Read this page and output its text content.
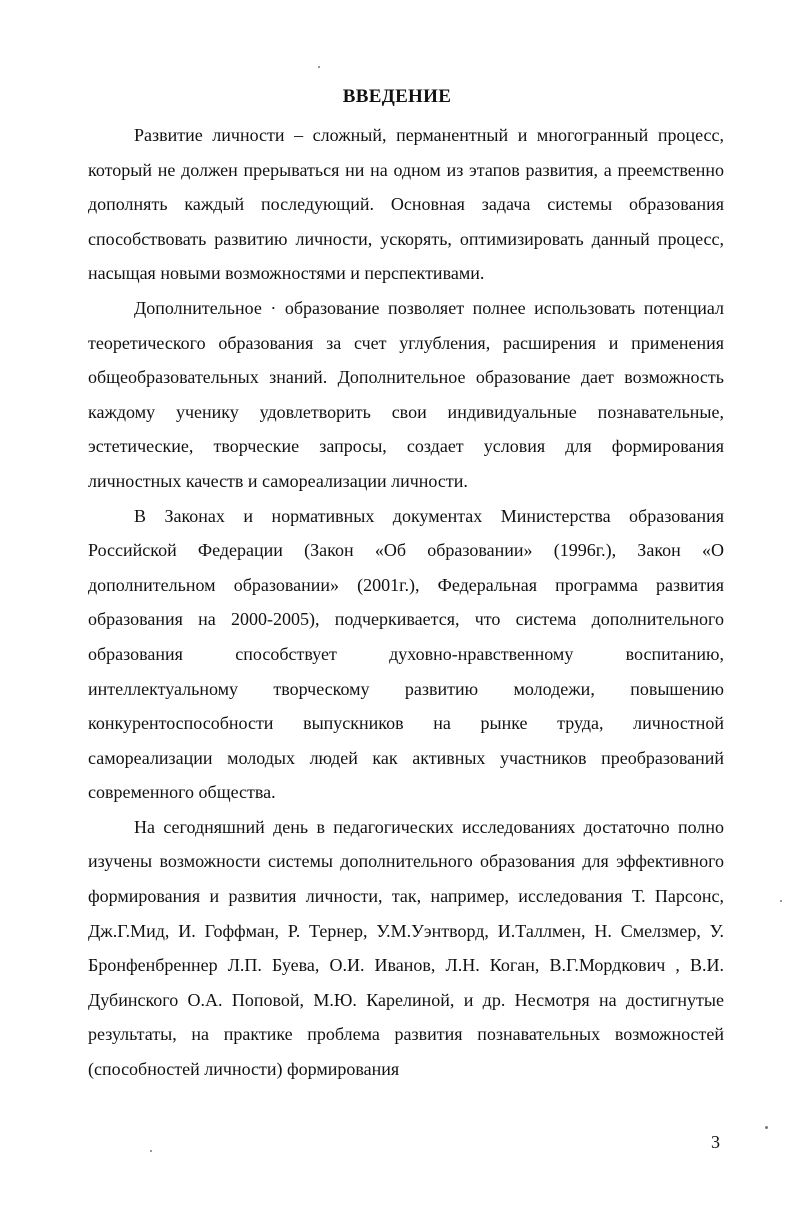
ВВЕДЕНИЕ

Развитие личности – сложный, перманентный и многогранный процесс, который не должен прерываться ни на одном из этапов развития, а преемственно дополнять каждый последующий. Основная задача системы образования способствовать развитию личности, ускорять, оптимизировать данный процесс, насыщая новыми возможностями и перспективами.

Дополнительное · образование позволяет полнее использовать потенциал теоретического образования за счет углубления, расширения и применения общеобразовательных знаний. Дополнительное образование дает возможность каждому ученику удовлетворить свои индивидуальные познавательные, эстетические, творческие запросы, создает условия для формирования личностных качеств и самореализации личности.

В Законах и нормативных документах Министерства образования Российской Федерации (Закон «Об образовании» (1996г.), Закон «О дополнительном образовании» (2001г.), Федеральная программа развития образования на 2000-2005), подчеркивается, что система дополнительного образования способствует духовно-нравственному воспитанию, интеллектуальному творческому развитию молодежи, повышению конкурентоспособности выпускников на рынке труда, личностной самореализации молодых людей как активных участников преобразований современного общества.

На сегодняшний день в педагогических исследованиях достаточно полно изучены возможности системы дополнительного образования для эффективного формирования и развития личности, так, например, исследования Т. Парсонс, Дж.Г.Мид, И. Гоффман, Р. Тернер, У.М.Уэнтворд, И.Таллмен, Н. Смелзмер, У. Бронфенбреннер Л.П. Буева, О.И. Иванов, Л.Н. Коган, В.Г.Мордкович , В.И. Дубинского О.А. Поповой, М.Ю. Карелиной, и др. Несмотря на достигнутые результаты, на практике проблема развития познавательных возможностей (способностей личности) формирования

3
